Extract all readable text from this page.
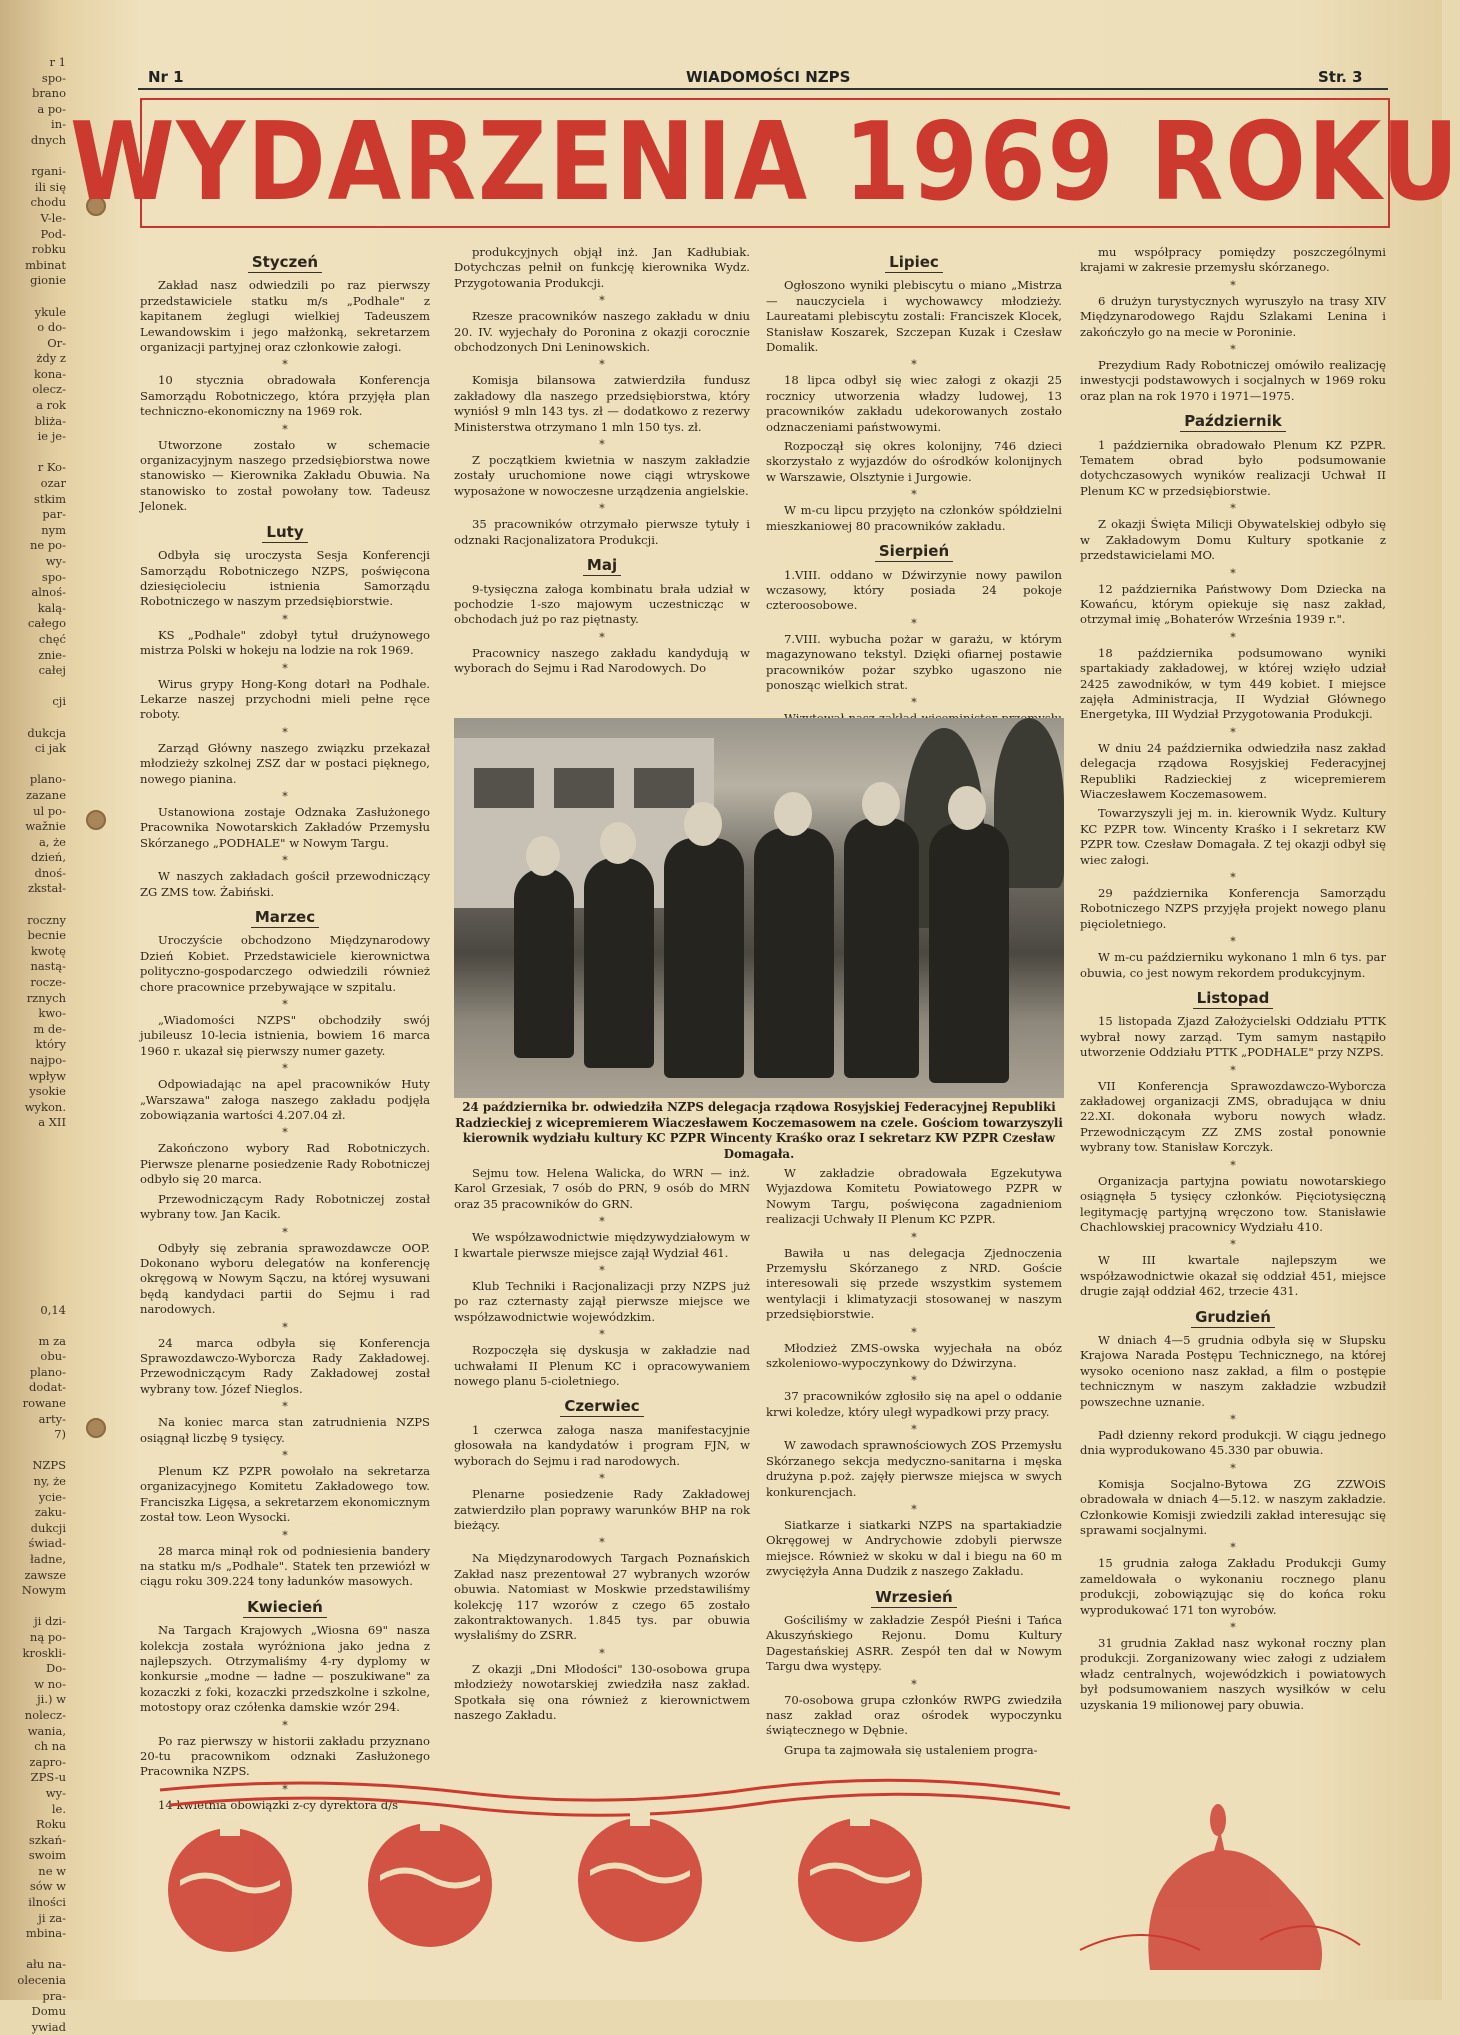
r 1
spo-
brano
a po-
in-
dnych

rgani-
ili się
chodu
V-le-
Pod-
robku
mbinat
gionie

ykule
o do-
Or-
żdy z
kona-
olecz-
a rok
bliża-
ie je-

r Ko-
ozar
stkim
par-
nym
ne po-
wy-
spo-
alnoś-
kalą-
całego
chęć
znie-
całej

cji

dukcja
ci jak

plano-
zazane
ul po-
wažnie
a, że
dzień,
dnoś-
zkstał-

roczny
becnie
kwotę
nastą-
roczе-
rznych
kwo-
m de-
który
najpo-
wpływ
ysokie
wykon.
a XII

0,14

m za
obu-
plano-
dodat-
rowane
arty-
7)

NZPS
ny, że
ycie-
zaku-
dukcji
świad-
ładne,
zawsze
Nowym

ji dzi-
ną po-
kroskli-
Do-
w no-
ji.) w
nolecz-
wania,
ch na
zapro-
ZPS-u
wy-
le.
Roku
szkań-
swoim
ne w
sów w
ilności
ji za-
mbina-

ału na-
olecenia
pra-
Domu
ywiad
Nr 1	WIADOMOŚCI NZPS	Str. 3
WYDARZENIA 1969 ROKU
Styczeń

Zakład nasz odwiedzili po raz pierwszy przedstawiciele statku m/s „Podhale" z kapitanem żeglugi wielkiej Tadeuszem Lewandowskim i jego małżonką, sekretarzem organizacji partyjnej oraz członkowie załogi.

*

10 stycznia obradowała Konferencja Samorządu Robotniczego, która przyjęła plan techniczno-ekonomiczny na 1969 rok.

*

Utworzone zostało w schemacie organizacyjnym naszego przedsiębiorstwa nowe stanowisko — Kierownika Zakładu Obuwia. Na stanowisko to został powołany tow. Tadeusz Jelonek.

Luty

Odbyła się uroczysta Sesja Konferencji Samorządu Robotniczego NZPS, poświęcona dziesięcioleciu istnienia Samorządu Robotniczego w naszym przedsiębiorstwie.

*

KS „Podhale" zdobył tytuł drużynowego mistrza Polski w hokeju na lodzie na rok 1969.

*

Wirus grypy Hong-Kong dotarł na Podhale. Lekarze naszej przychodni mieli pełne ręce roboty.

*

Zarząd Główny naszego związku przekazał młodzieży szkolnej ZSZ dar w postaci pięknego, nowego pianina.

*

Ustanowiona zostaje Odznaka Zasłużonego Pracownika Nowotarskich Zakładów Przemysłu Skórzanego „PODHALE" w Nowym Targu.

*

W naszych zakładach gościł przewodniczący ZG ZMS tow. Żabiński.

Marzec

Uroczyście obchodzono Międzynarodowy Dzień Kobiet. Przedstawiciele kierownictwa polityczno-gospodarczego odwiedzili również chore pracownice przebywające w szpitalu.

*

„Wiadomości NZPS" obchodziły swój jubileusz 10-lecia istnienia, bowiem 16 marca 1960 r. ukazał się pierwszy numer gazety.

*

Odpowiadając na apel pracowników Huty „Warszawa" załoga naszego zakładu podjęła zobowiązania wartości 4.207.04 zł.

*

Zakończono wybory Rad Robotniczych. Pierwsze plenarne posiedzenie Rady Robotniczej odbyło się 20 marca.

Przewodniczącym Rady Robotniczej został wybrany tow. Jan Kacik.

*

Odbyły się zebrania sprawozdawcze OOP. Dokonano wyboru delegatów na konferencję okręgową w Nowym Sączu, na której wysuwani będą kandydaci partii do Sejmu i rad narodowych.

*

24 marca odbyła się Konferencja Sprawozdawczo-Wyborcza Rady Zakładowej. Przewodniczącym Rady Zakładowej został wybrany tow. Józef Nieglos.

*

Na koniec marca stan zatrudnienia NZPS osiągnął liczbę 9 tysięcy.

*

Plenum KZ PZPR powołało na sekretarza organizacyjnego Komitetu Zakładowego tow. Franciszka Ligęsa, a sekretarzem ekonomicznym został tow. Leon Wysocki.

*

28 marca minął rok od podniesienia bandery na statku m/s „Podhale". Statek ten przewiózł w ciągu roku 309.224 tony ładunków masowych.

Kwiecień

Na Targach Krajowych „Wiosna 69" nasza kolekcja została wyróżniona jako jedna z najlepszych. Otrzymaliśmy 4-ry dyplomy w konkursie „modne — ładne — poszukiwane" za kozaczki z foki, kozaczki przedszkolne i szkolne, motostopy oraz czółenka damskie wzór 294.

*

Po raz pierwszy w historii zakładu przyznano 20-tu pracownikom odznaki Zasłużonego Pracownika NZPS.

*

14 kwietnia obowiązki z-cy dyrektora d/s

produkcyjnych objął inż. Jan Kadłubiak. Dotychczas pełnił on funkcję kierownika Wydz. Przygotowania Produkcji.

*

Rzesze pracowników naszego zakładu w dniu 20. IV. wyjechały do Poronina z okazji corocznie obchodzonych Dni Leninowskich.

*

Komisja bilansowa zatwierdziła fundusz zakładowy dla naszego przedsiębiorstwa, który wyniósł 9 mln 143 tys. zł — dodatkowo z rezerwy Ministerstwa otrzymano 1 mln 150 tys. zł.

*

Z początkiem kwietnia w naszym zakładzie zostały uruchomione nowe ciągi wtryskowe wyposażone w nowoczesne urządzenia angielskie.

*

35 pracowników otrzymało pierwsze tytuły i odznaki Racjonalizatora Produkcji.

Maj

9-tysięczna załoga kombinatu brała udział w pochodzie 1-szo majowym uczestnicząc w obchodach już po raz piętnasty.

*

Pracownicy naszego zakładu kandydują w wyborach do Sejmu i Rad Narodowych. Do

Lipiec

Ogłoszono wyniki plebiscytu o miano „Mistrza — nauczyciela i wychowawcy młodzieży. Laureatami plebiscytu zostali: Franciszek Klocek, Stanisław Koszarek, Szczepan Kuzak i Czesław Domalik.

*

18 lipca odbył się wiec załogi z okazji 25 rocznicy utworzenia władzy ludowej, 13 pracowników zakładu udekorowanych zostało odznaczeniami państwowymi.

Rozpoczął się okres kolonijny, 746 dzieci skorzystało z wyjazdów do ośrodków kolonijnych w Warszawie, Olsztynie i Jurgowie.

*

W m-cu lipcu przyjęto na członków spółdzielni mieszkaniowej 80 pracowników zakładu.

Sierpień

1.VIII. oddano w Dźwirzynie nowy pawilon wczasowy, który posiada 24 pokoje czteroosobowe.

*

7.VIII. wybucha pożar w garażu, w którym magazynowano tekstyl. Dzięki ofiarnej postawie pracowników pożar szybko ugaszono nie ponosząc wielkich strat.

*

mu współpracy pomiędzy poszczególnymi krajami w zakresie przemysłu skórzanego.

*

6 drużyn turystycznych wyruszyło na trasy XIV Międzynarodowego Rajdu Szlakami Lenina i zakończyło go na mecie w Poroninie.

*

Prezydium Rady Robotniczej omówiło realizację inwestycji podstawowych i socjalnych w 1969 roku oraz plan na rok 1970 i 1971—1975.

Październik

1 października obradowało Plenum KZ PZPR. Tematem obrad było podsumowanie dotychczasowych wyników realizacji Uchwał II Plenum KC w przedsiębiorstwie.

*

Z okazji Święta Milicji Obywatelskiej odbyło się w Zakładowym Domu Kultury spotkanie z przedstawicielami MO.

*

12 października Państwowy Dom Dziecka na Kowańcu, którym opiekuje się nasz zakład, otrzymał imię „Bohaterów Września 1939 r.".

*

18 października podsumowano wyniki spartakiady zakładowej, w której wzięło udział 2425 zawodników, w tym 449 kobiet. I miejsce zajęła Administracja, II Wydział Głównego Energetyka, III Wydział Przygotowania Produkcji.

*

W dniu 24 października odwiedziła nasz zakład delegacja rządowa Rosyjskiej Federacyjnej Republiki Radzieckiej z wicepremierem Wiaczesławem Koczemasowem.

Towarzyszyli jej m. in. kierownik Wydz. Kultury KC PZPR tow. Wincenty Kraśko i I sekretarz KW PZPR tow. Czesław Domagała. Z tej okazji odbył się wiec załogi.

*

29 października Konferencja Samorządu Robotniczego NZPS przyjęła projekt nowego planu pięcioletniego.

*

W m-cu październiku wykonano 1 mln 6 tys. par obuwia, co jest nowym rekordem produkcyjnym.

Listopad

15 listopada Zjazd Założycielski Oddziału PTTK wybrał nowy zarząd. Tym samym nastąpiło utworzenie Oddziału PTTK „PODHALE" przy NZPS.

*

VII Konferencja Sprawozdawczo-Wyborcza zakładowej organizacji ZMS, obradująca w dniu 22.XI. dokonała wyboru nowych władz. Przewodniczącym ZZ ZMS został ponownie wybrany tow. Stanisław Korczyk.

*

Organizacja partyjna powiatu nowotarskiego osiągnęła 5 tysięcy członków. Pięciotysięczną legitymację partyjną wręczono tow. Stanisławie Chachlowskiej pracownicy Wydziału 410.

*

W III kwartale najlepszym we współzawodnictwie okazał się oddział 451, miejsce drugie zajął oddział 462, trzecie 431.

Grudzień

W dniach 4—5 grudnia odbyła się w Słupsku Krajowa Narada Postępu Technicznego, na której wysoko oceniono nasz zakład, a film o postępie technicznym w naszym zakładzie wzbudził powszechne uznanie.

*

Padł dzienny rekord produkcji. W ciągu jednego dnia wyprodukowano 45.330 par obuwia.

*

Komisja Socjalno-Bytowa ZG ZZWOiS obradowała w dniach 4—5.12. w naszym zakładzie. Członkowie Komisji zwiedzili zakład interesując się sprawami socjalnymi.

*

15 grudnia załoga Zakładu Produkcji Gumy zameldowała o wykonaniu rocznego planu produkcji, zobowiązując się do końca roku wyprodukować 171 ton wyrobów.

*

31 grudnia Zakład nasz wykonał roczny plan produkcji. Zorganizowany wiec załogi z udziałem władz centralnych, wojewódzkich i powiatowych był podsumowaniem naszych wysiłków w celu uzyskania 19 milionowej pary obuwia.

Sejmu tow. Helena Walicka, do WRN — inż. Karol Grzesiak, 7 osób do PRN, 9 osób do MRN oraz 35 pracowników do GRN.

*

We współzawodnictwie międzywydziałowym w I kwartale pierwsze miejsce zajął Wydział 461.

*

Klub Techniki i Racjonalizacji przy NZPS już po raz czternasty zajął pierwsze miejsce we współzawodnictwie wojewódzkim.

*

Rozpoczęła się dyskusja w zakładzie nad uchwałami II Plenum KC i opracowywaniem nowego planu 5-cioletniego.

Czerwiec

1 czerwca załoga nasza manifestacyjnie głosowała na kandydatów i program FJN, w wyborach do Sejmu i rad narodowych.

*

Plenarne posiedzenie Rady Zakładowej zatwierdziło plan poprawy warunków BHP na rok bieżący.

*

Na Międzynarodowych Targach Poznańskich Zakład nasz prezentował 27 wybranych wzorów obuwia. Natomiast w Moskwie przedstawiliśmy kolekcję 117 wzorów z czego 65 zostało zakontraktowanych. 1.845 tys. par obuwia wysłaliśmy do ZSRR.

*

Z okazji „Dni Młodości" 130-osobowa grupa młodzieży nowotarskiej zwiedziła nasz zakład. Spotkała się ona również z kierownictwem naszego Zakładu.

W zakładzie obradowała Egzekutywa Wyjazdowa Komitetu Powiatowego PZPR w Nowym Targu, poświęcona zagadnieniom realizacji Uchwały II Plenum KC PZPR.

*

Bawiła u nas delegacja Zjednoczenia Przemysłu Skórzanego z NRD. Goście interesowali się przede wszystkim systemem wentylacji i klimatyzacji stosowanej w naszym przedsiębiorstwie.

*

Młodzież ZMS-owska wyjechała na obóz szkoleniowo-wypoczynkowy do Dźwirzyna.

*

37 pracowników zgłosiło się na apel o oddanie krwi koledze, który uległ wypadkowi przy pracy.

*

W zawodach sprawnościowych ZOS Przemysłu Skórzanego sekcja medyczno-sanitarna i męska drużyna p.poż. zajęły pierwsze miejsca w swych konkurencjach.

*

Siatkarze i siatkarki NZPS na spartakiadzie Okręgowej w Andrychowie zdobyli pierwsze miejsce. Również w skoku w dal i biegu na 60 m zwyciężyła Anna Dudzik z naszego Zakładu.

Wrzesień

Gościliśmy w zakładzie Zespół Pieśni i Tańca Akuszyńskiego Rejonu. Domu Kultury Dagestańskiej ASRR. Zespół ten dał w Nowym Targu dwa występy.

*

70-osobowa grupa członków RWPG zwiedziła nasz zakład oraz ośrodek wypoczynku świątecznego w Dębnie.

Grupa ta zajmowała się ustaleniem progra-

24 października br. odwiedziła NZPS delegacja rządowa Rosyjskiej Federacyjnej Republiki Radzieckiej z wicepremierem Wiaczesławem Koczemasowem na czele. Gościom towarzyszyli kierownik wydziału kultury KC PZPR Wincenty Kraśko oraz I sekretarz KW PZPR Czesław Domagała.
